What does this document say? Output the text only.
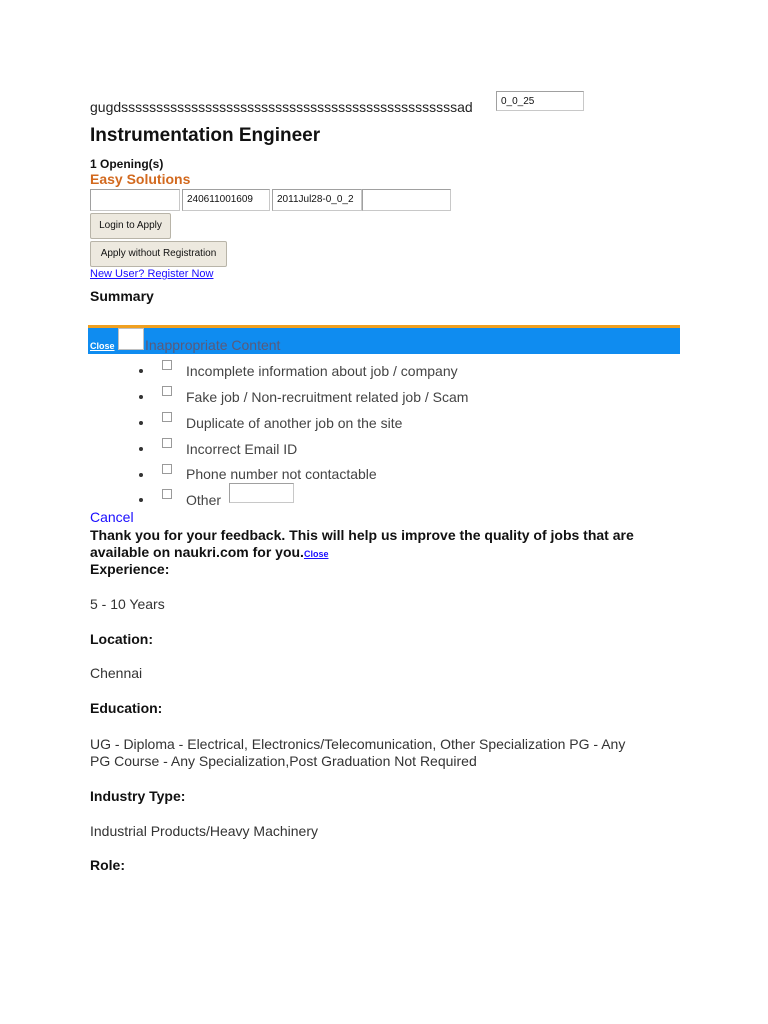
gugdssssssssssssssssssssssssssssssssssssssssssssssssad	0_0_25
Instrumentation Engineer
1 Opening(s)
Easy Solutions
240611001609	2011Jul28-0_0_2
Login to Apply
Apply without Registration
New User? Register Now
Summary
Close Inappropriate Content
Incomplete information about job / company
Fake job / Non-recruitment related job / Scam
Duplicate of another job on the site
Incorrect Email ID
Phone number not contactable
Other
Cancel
Thank you for your feedback. This will help us improve the quality of jobs that are
available on naukri.com for you.Close
Experience:
5 - 10 Years
Location:
Chennai
Education:
UG - Diploma - Electrical, Electronics/Telecomunication, Other Specialization PG - Any
PG Course - Any Specialization,Post Graduation Not Required
Industry Type:
Industrial Products/Heavy Machinery
Role:
